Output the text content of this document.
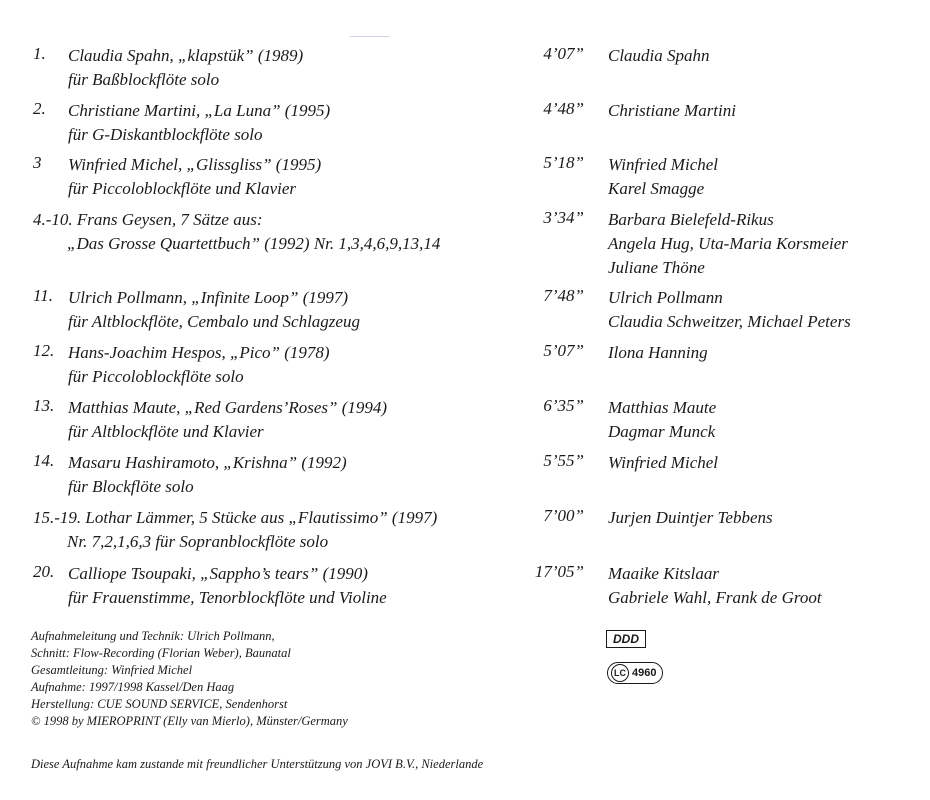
1. Claudia Spahn, „klapstük” (1989)
für Baßblockflöte solo
4’07” Claudia Spahn
2. Christiane Martini, „La Luna” (1995)
für G-Diskantblockflöte solo
4’48” Christiane Martini
3 Winfried Michel, „Glissgliss” (1995)
für Piccoloblockflöte und Klavier
5’18” Winfried Michel
Karel Smagge
4.-10. Frans Geysen, 7 Sätze aus:
„Das Grosse Quartettbuch” (1992) Nr. 1,3,4,6,9,13,14
3’34” Barbara Bielefeld-Rikus
Angela Hug, Uta-Maria Korsmeier
Juliane Thöne
11. Ulrich Pollmann, „Infinite Loop” (1997)
für Altblockflöte, Cembalo und Schlagzeug
7’48” Ulrich Pollmann
Claudia Schweitzer, Michael Peters
12. Hans-Joachim Hespos, „Pico” (1978)
für Piccoloblockflöte solo
5’07” Ilona Hanning
13. Matthias Maute, „Red Gardens’Roses” (1994)
für Altblockflöte und Klavier
6’35” Matthias Maute
Dagmar Munck
14. Masaru Hashiramoto, „Krishna” (1992)
für Blockflöte solo
5’55” Winfried Michel
15.-19. Lothar Lämmer, 5 Stücke aus „Flautissimo” (1997)
Nr. 7,2,1,6,3 für Sopranblockflöte solo
7’00” Jurjen Duintjer Tebbens
20. Calliope Tsoupaki, „Sappho’s tears” (1990)
für Frauenstimme, Tenorblockflöte und Violine
17’05” Maaike Kitslaar
Gabriele Wahl, Frank de Groot
Aufnahmeleitung und Technik: Ulrich Pollmann,
Schnitt: Flow-Recording (Florian Weber), Baunatal
Gesamtleitung: Winfried Michel
Aufnahme: 1997/1998 Kassel/Den Haag
Herstellung: CUE SOUND SERVICE, Sendenhorst
© 1998 by MIEROPRINT (Elly van Mierlo), Münster/Germany
DDD
LC 4960
Diese Aufnahme kam zustande mit freundlicher Unterstützung von JOVI B.V., Niederlande
